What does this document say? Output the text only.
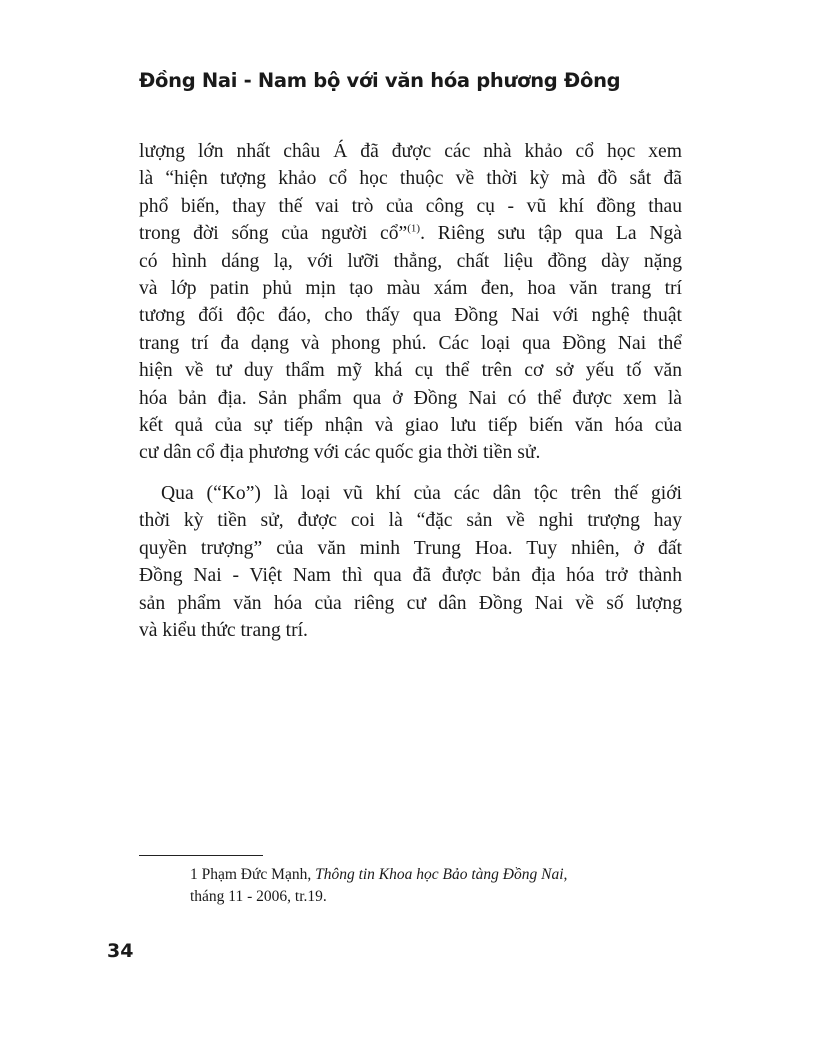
Đồng Nai - Nam bộ với văn hóa phương Đông
lượng lớn nhất châu Á đã được các nhà khảo cổ học xem
là “hiện tượng khảo cổ học thuộc về thời kỳ mà đồ sắt đã
phổ biến, thay thế vai trò của công cụ - vũ khí đồng thau
trong đời sống của người cổ”$^{(1)}$. Riêng sưu tập qua La Ngà
có hình dáng lạ, với lưỡi thẳng, chất liệu đồng dày nặng
và lớp patin phủ mịn tạo màu xám đen, hoa văn trang trí
tương đối độc đáo, cho thấy qua Đồng Nai với nghệ thuật
trang trí đa dạng và phong phú. Các loại qua Đồng Nai thể
hiện về tư duy thẩm mỹ khá cụ thể trên cơ sở yếu tố văn
hóa bản địa. Sản phẩm qua ở Đồng Nai có thể được xem là
kết quả của sự tiếp nhận và giao lưu tiếp biến văn hóa của
cư dân cổ địa phương với các quốc gia thời tiền sử.
Qua (“Ko”) là loại vũ khí của các dân tộc trên thế giới
thời kỳ tiền sử, được coi là “đặc sản về nghi trượng hay
quyền trượng” của văn minh Trung Hoa. Tuy nhiên, ở đất
Đồng Nai - Việt Nam thì qua đã được bản địa hóa trở thành
sản phẩm văn hóa của riêng cư dân Đồng Nai về số lượng
và kiểu thức trang trí.
1 Phạm Đức Mạnh, Thông tin Khoa học Bảo tàng Đồng Nai,
tháng 11 - 2006, tr.19.
34
